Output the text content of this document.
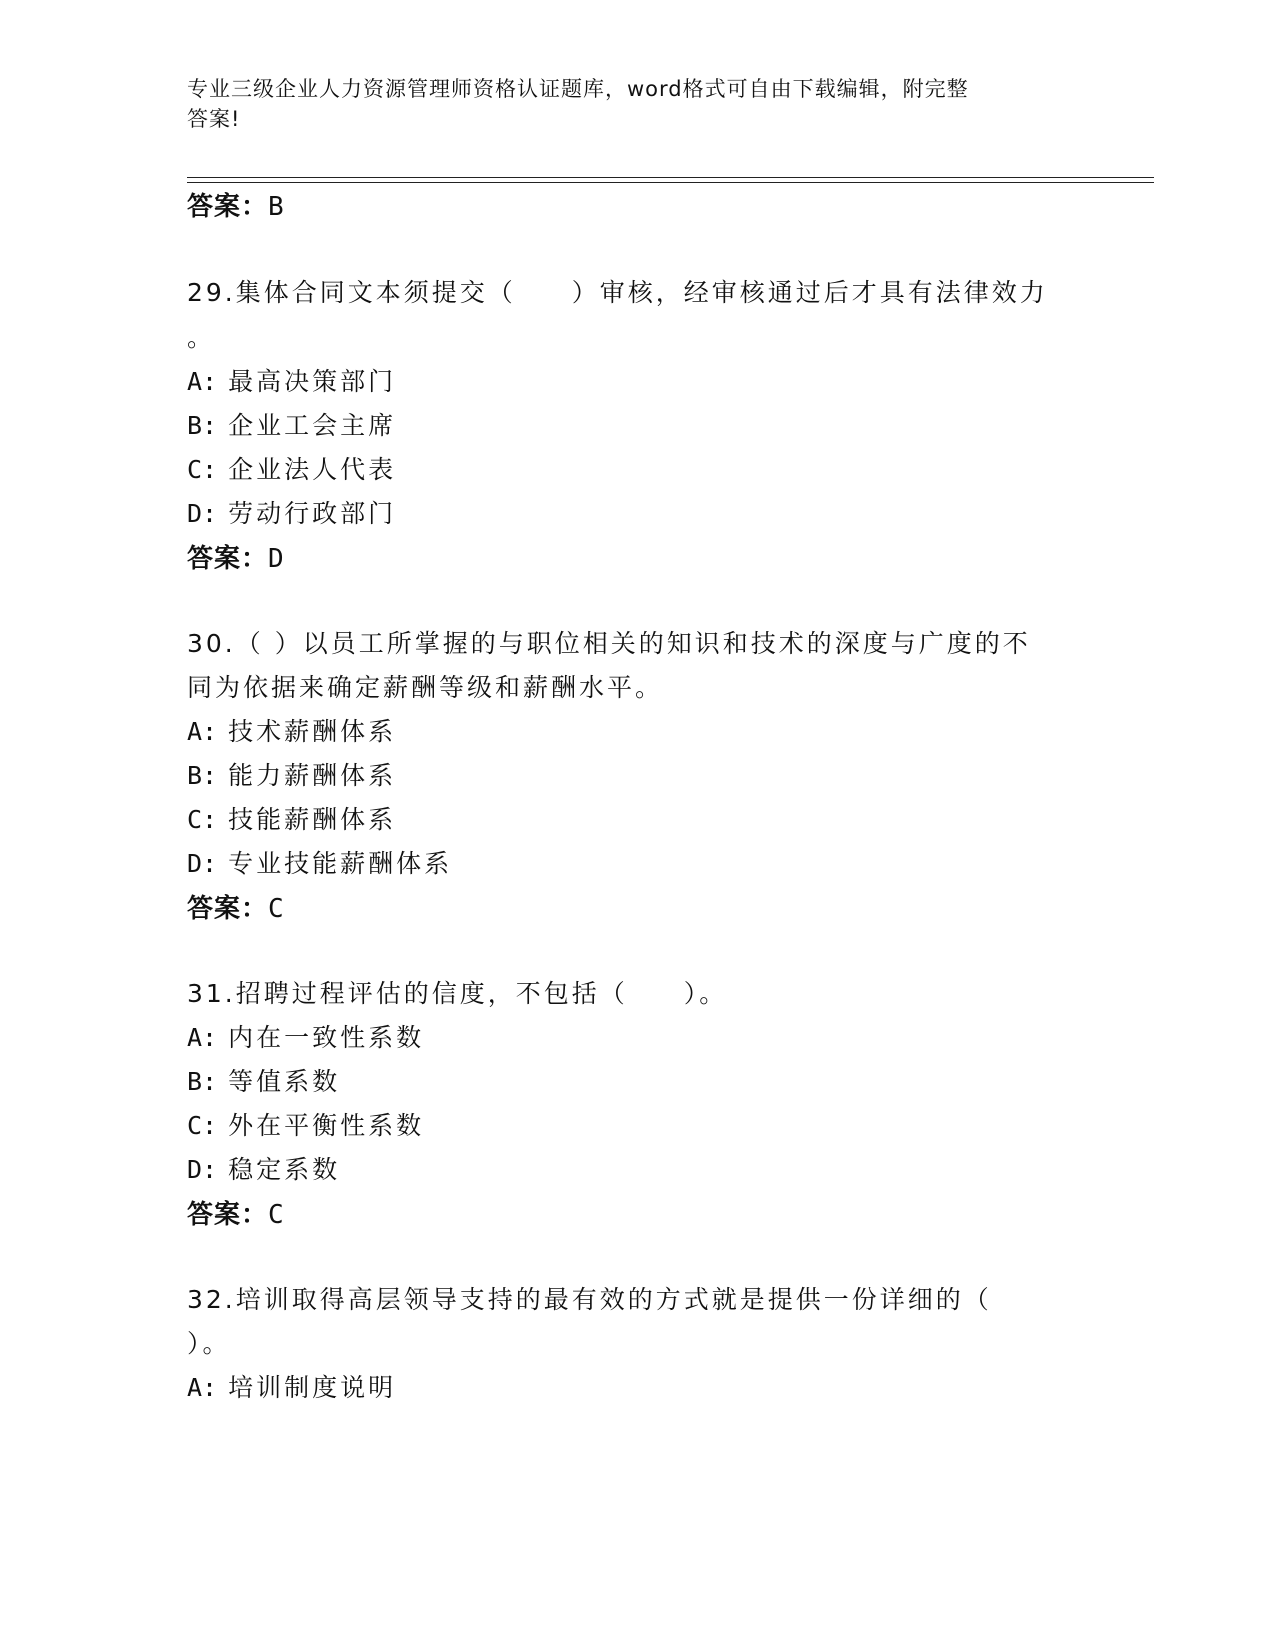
专业三级企业人力资源管理师资格认证题库，word格式可自由下载编辑，附完整
答案!
答案：B
29.集体合同文本须提交（　　）审核，经审核通过后才具有法律效力
。
A: 最高决策部门
B: 企业工会主席
C: 企业法人代表
D: 劳动行政部门
答案：D
30.（ ）以员工所掌握的与职位相关的知识和技术的深度与广度的不
同为依据来确定薪酬等级和薪酬水平。
A: 技术薪酬体系
B: 能力薪酬体系
C: 技能薪酬体系
D: 专业技能薪酬体系
答案：C
31.招聘过程评估的信度，不包括（　　）。
A: 内在一致性系数
B: 等值系数
C: 外在平衡性系数
D: 稳定系数
答案：C
32.培训取得高层领导支持的最有效的方式就是提供一份详细的（
）。
A: 培训制度说明
